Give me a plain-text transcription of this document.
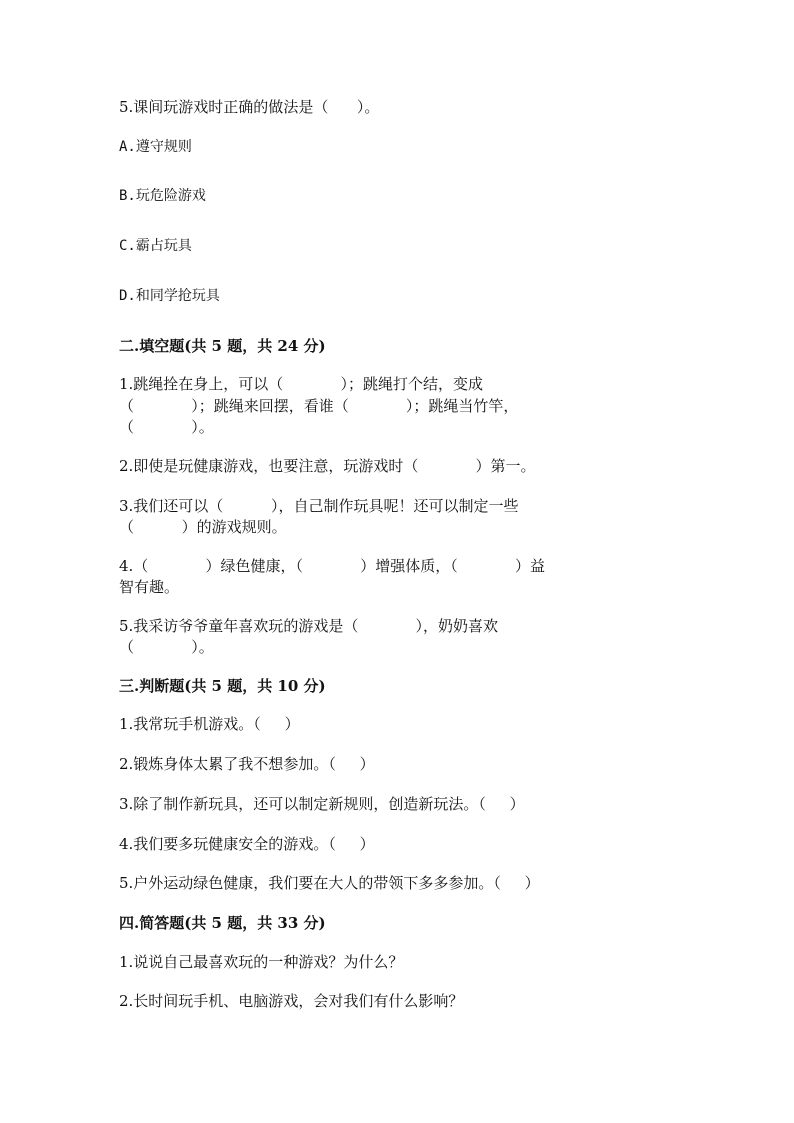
5.课间玩游戏时正确的做法是（      ）。
A.遵守规则
B.玩危险游戏
C.霸占玩具
D.和同学抢玩具
二.填空题(共 5 题，共 24 分)
1.跳绳拴在身上，可以（            ）；跳绳打个结，变成
（            ）；跳绳来回摆，看谁（            ）；跳绳当竹竿，
（            ）。
2.即使是玩健康游戏，也要注意，玩游戏时（            ）第一。
3.我们还可以（          ），自己制作玩具呢！还可以制定一些
（          ）的游戏规则。
4.（            ）绿色健康，（            ）增强体质，（            ）益
智有趣。
5.我采访爷爷童年喜欢玩的游戏是（            ），奶奶喜欢
（            ）。
三.判断题(共 5 题，共 10 分)
1.我常玩手机游戏。（     ）
2.锻炼身体太累了我不想参加。（     ）
3.除了制作新玩具，还可以制定新规则，创造新玩法。（     ）
4.我们要多玩健康安全的游戏。（     ）
5.户外运动绿色健康，我们要在大人的带领下多多参加。（     ）
四.简答题(共 5 题，共 33 分)
1.说说自己最喜欢玩的一种游戏？为什么？
2.长时间玩手机、电脑游戏，会对我们有什么影响？
